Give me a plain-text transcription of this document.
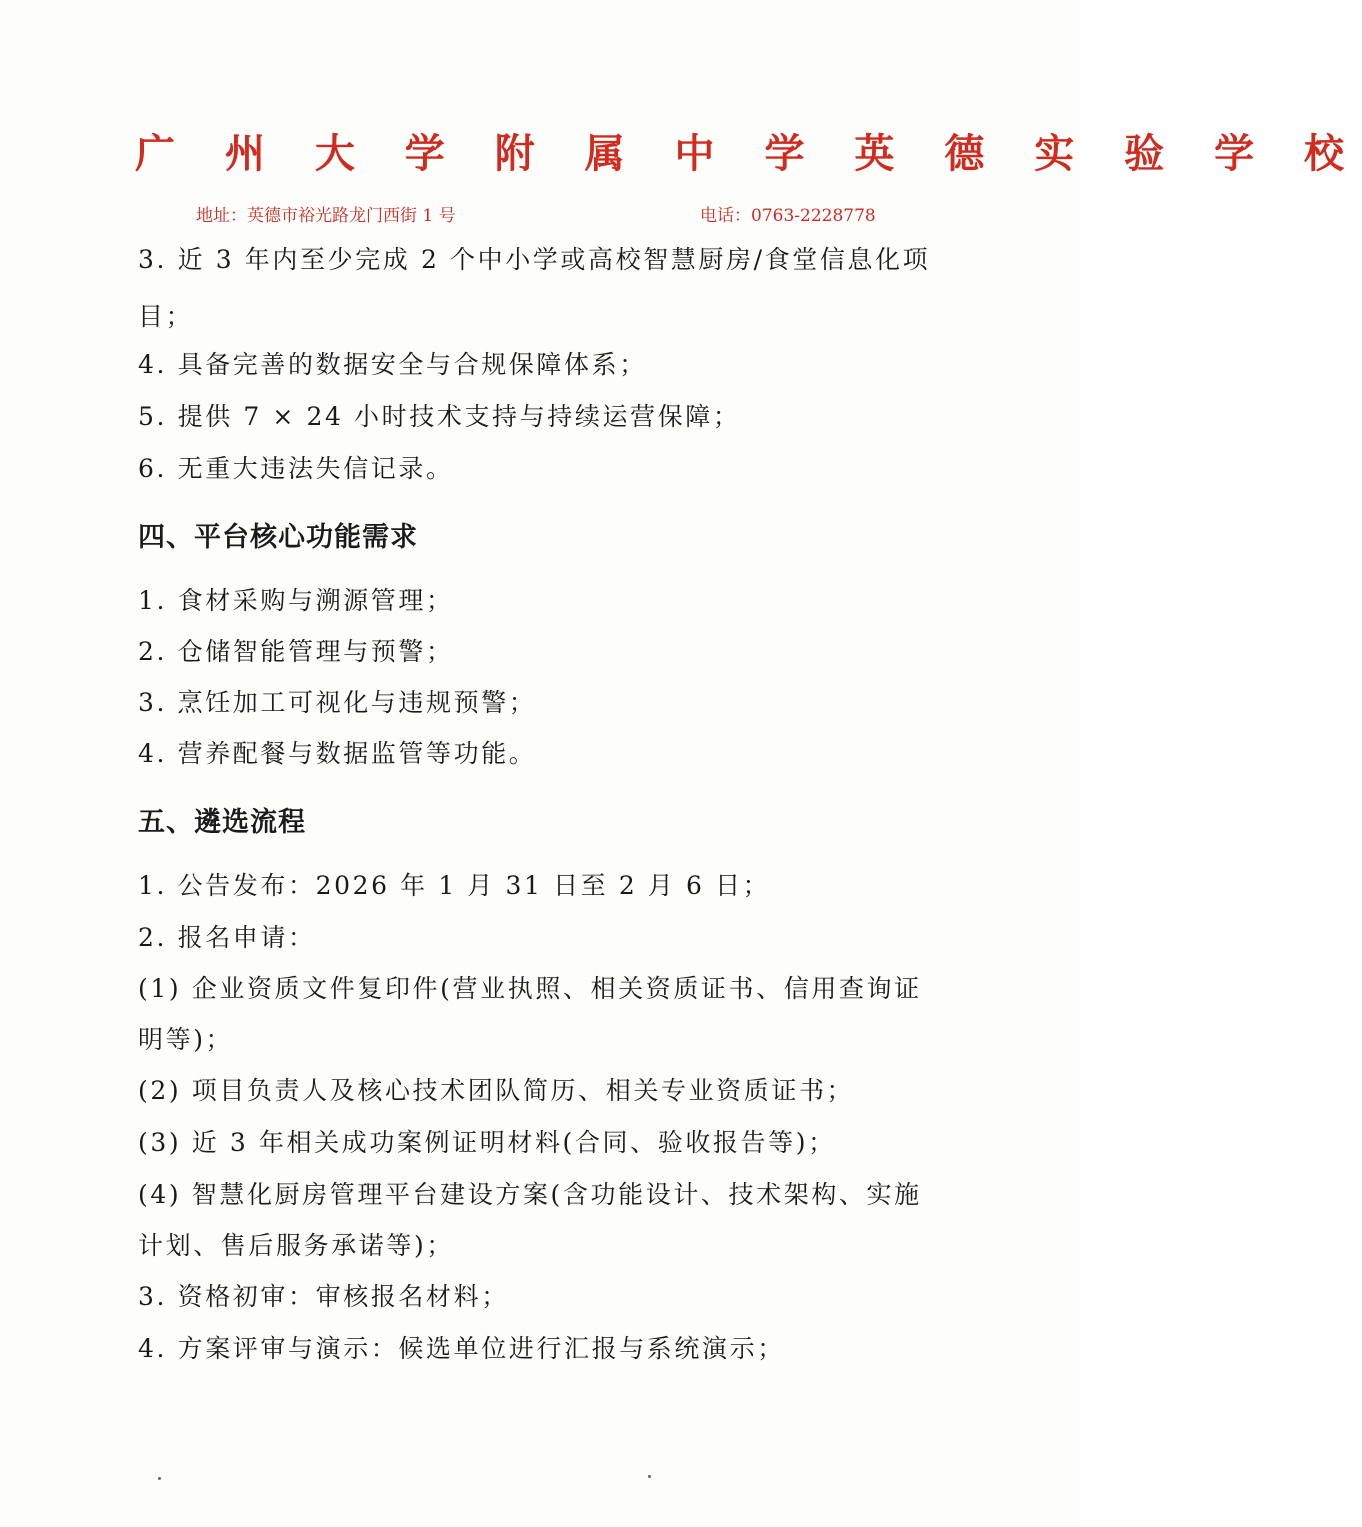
广 州 大 学 附 属 中 学 英 德 实 验 学 校
地址：英德市裕光路龙门西街 1 号	电话：0763-2228778
3. 近 3 年内至少完成 2 个中小学或高校智慧厨房/食堂信息化项
目；
4. 具备完善的数据安全与合规保障体系；
5. 提供 7 × 24 小时技术支持与持续运营保障；
6. 无重大违法失信记录。
四、平台核心功能需求
1. 食材采购与溯源管理；
2. 仓储智能管理与预警；
3. 烹饪加工可视化与违规预警；
4. 营养配餐与数据监管等功能。
五、遴选流程
1. 公告发布：2026 年 1 月 31 日至 2 月 6 日；
2. 报名申请：
(1) 企业资质文件复印件(营业执照、相关资质证书、信用查询证
明等)；
(2) 项目负责人及核心技术团队简历、相关专业资质证书；
(3) 近 3 年相关成功案例证明材料(合同、验收报告等)；
(4) 智慧化厨房管理平台建设方案(含功能设计、技术架构、实施
计划、售后服务承诺等)；
3. 资格初审：审核报名材料；
4. 方案评审与演示：候选单位进行汇报与系统演示；
